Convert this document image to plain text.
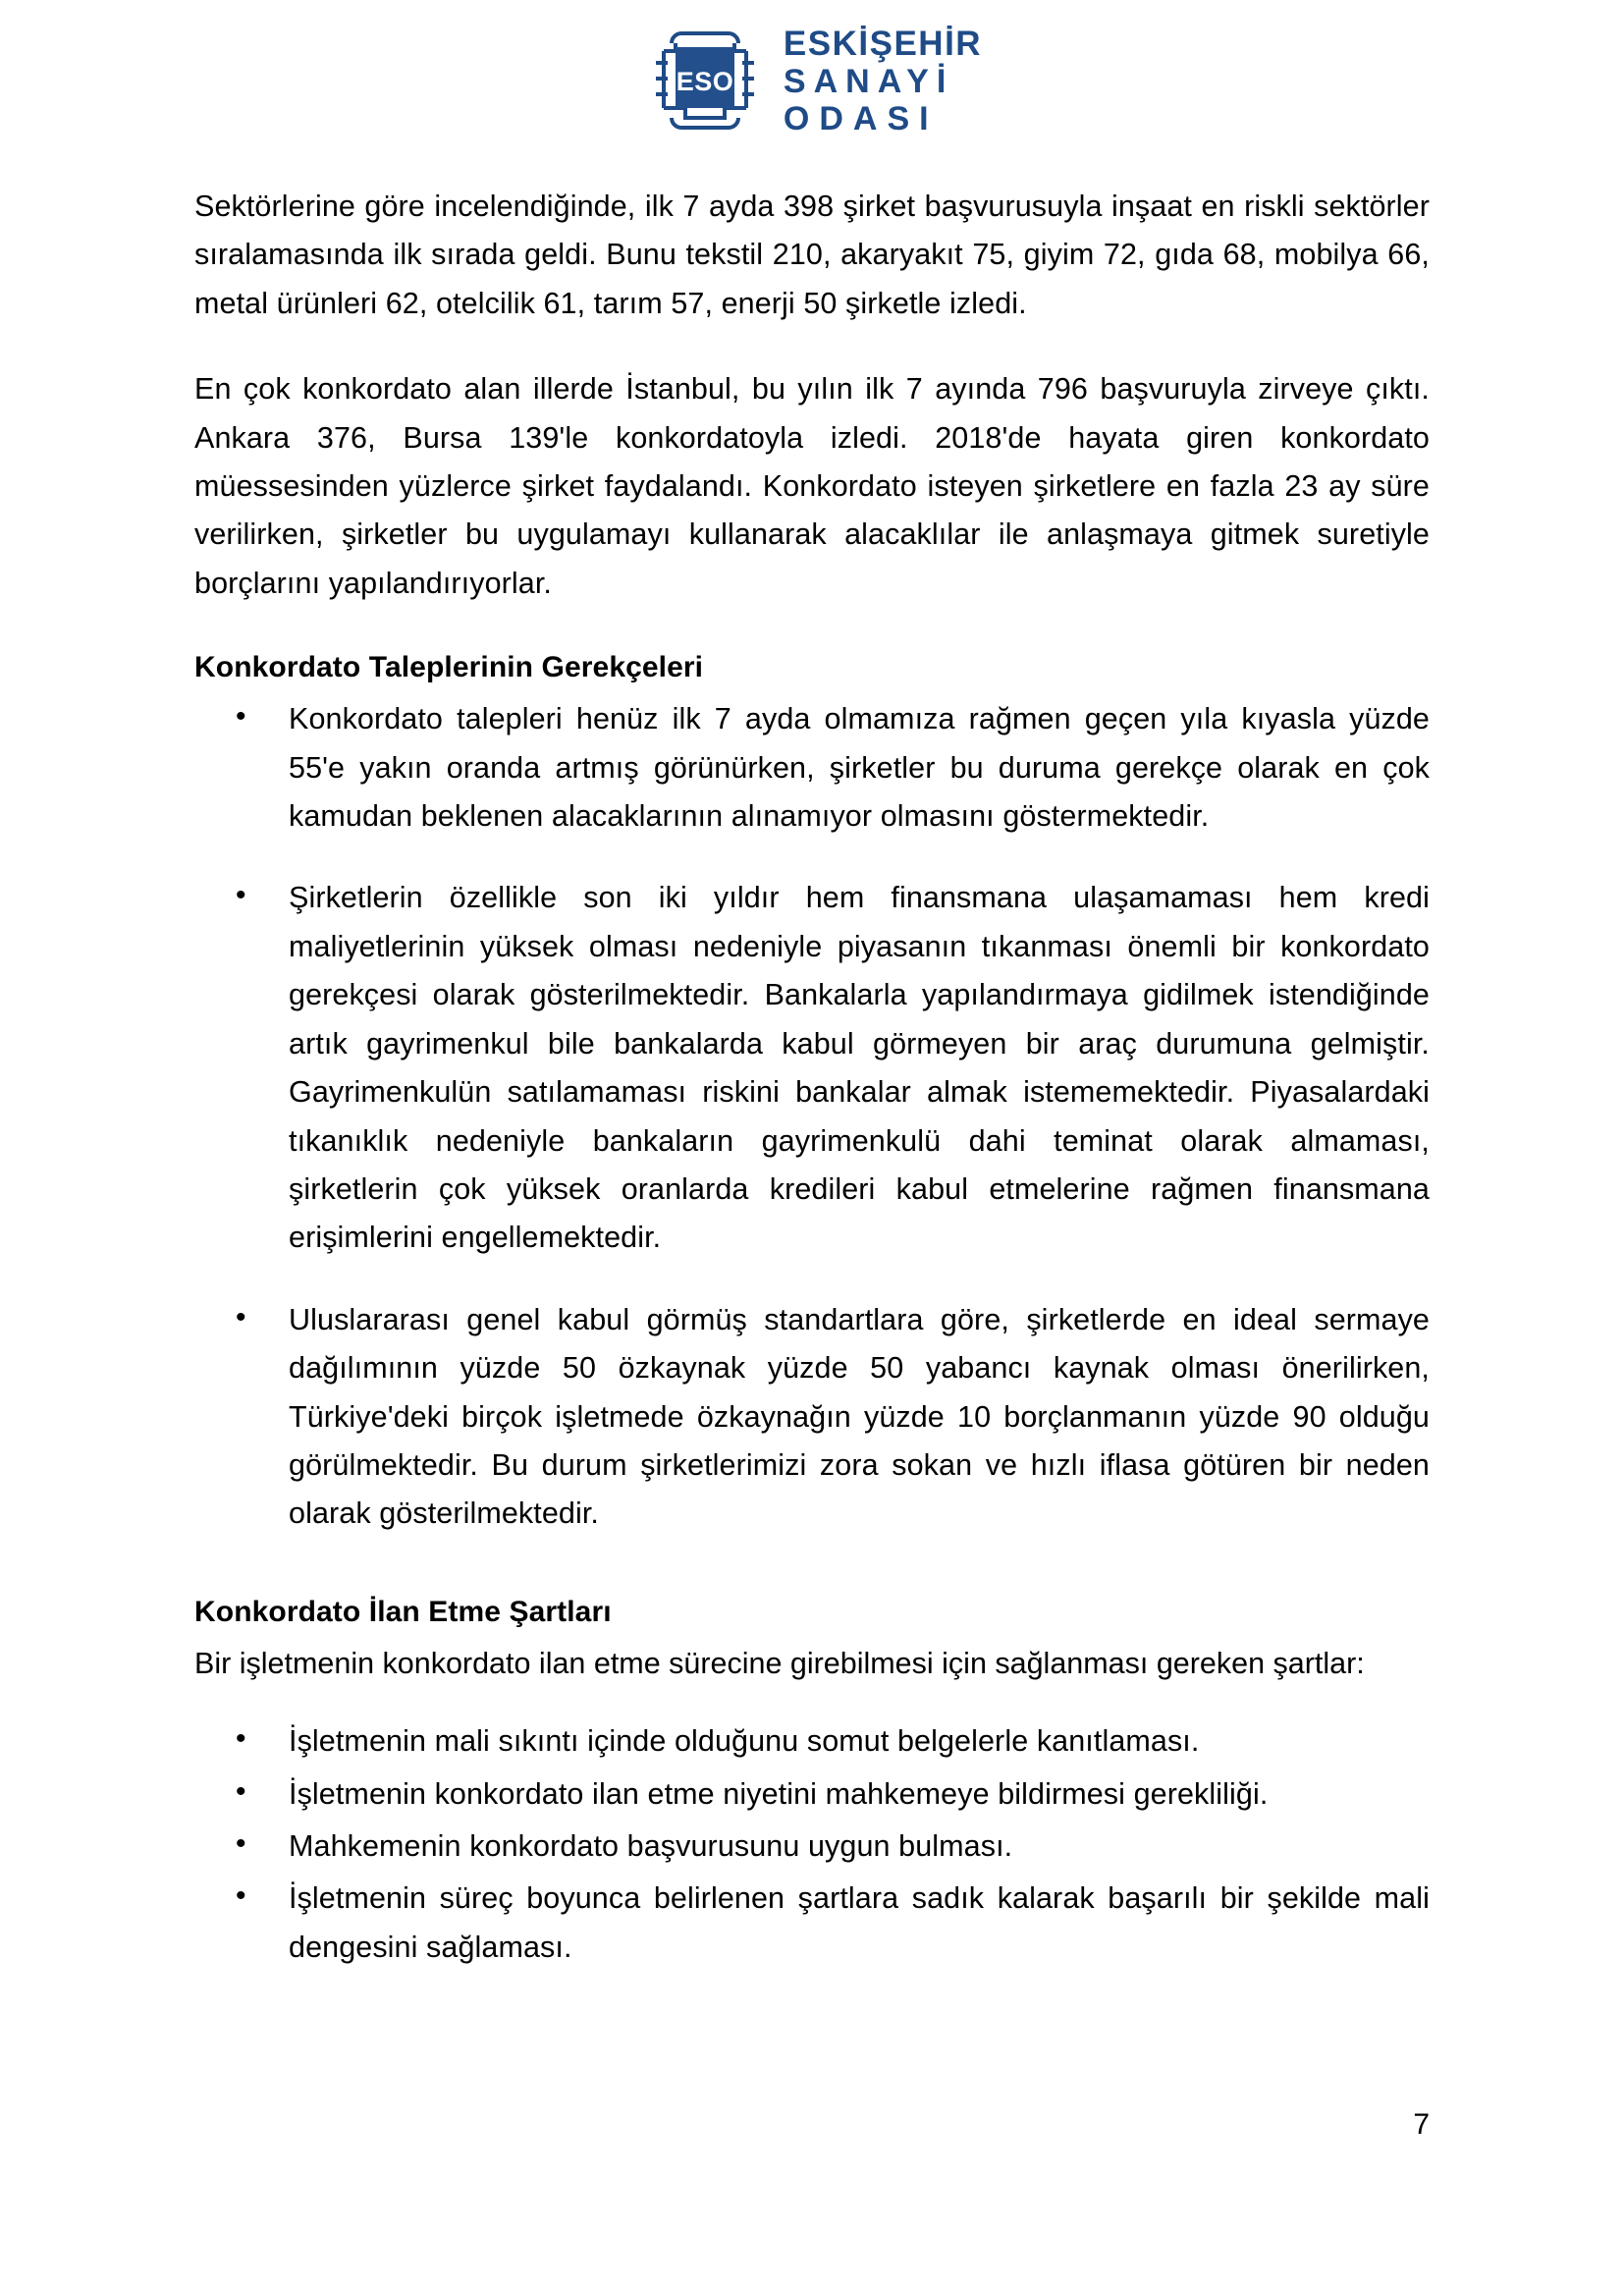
ESO
ESKİŞEHİR
SANAYİ
ODASI

Sektörlerine göre incelendiğinde, ilk 7 ayda 398 şirket başvurusuyla inşaat en riskli sektörler sıralamasında ilk sırada geldi. Bunu tekstil 210, akaryakıt 75, giyim 72, gıda 68, mobilya 66, metal ürünleri 62, otelcilik 61, tarım 57, enerji 50 şirketle izledi.

En çok konkordato alan illerde İstanbul, bu yılın ilk 7 ayında 796 başvuruyla zirveye çıktı. Ankara 376, Bursa 139'le konkordatoyla izledi. 2018'de hayata giren konkordato müessesinden yüzlerce şirket faydalandı. Konkordato isteyen şirketlere en fazla 23 ay süre verilirken, şirketler bu uygulamayı kullanarak alacaklılar ile anlaşmaya gitmek suretiyle borçlarını yapılandırıyorlar.

Konkordato Taleplerinin Gerekçeleri
• Konkordato talepleri henüz ilk 7 ayda olmamıza rağmen geçen yıla kıyasla yüzde 55'e yakın oranda artmış görünürken, şirketler bu duruma gerekçe olarak en çok kamudan beklenen alacaklarının alınamıyor olmasını göstermektedir.
• Şirketlerin özellikle son iki yıldır hem finansmana ulaşamaması hem kredi maliyetlerinin yüksek olması nedeniyle piyasanın tıkanması önemli bir konkordato gerekçesi olarak gösterilmektedir. Bankalarla yapılandırmaya gidilmek istendiğinde artık gayrimenkul bile bankalarda kabul görmeyen bir araç durumuna gelmiştir. Gayrimenkulün satılamaması riskini bankalar almak istememektedir. Piyasalardaki tıkanıklık nedeniyle bankaların gayrimenkulü dahi teminat olarak almaması, şirketlerin çok yüksek oranlarda kredileri kabul etmelerine rağmen finansmana erişimlerini engellemektedir.
• Uluslararası genel kabul görmüş standartlara göre, şirketlerde en ideal sermaye dağılımının yüzde 50 özkaynak yüzde 50 yabancı kaynak olması önerilirken, Türkiye'deki birçok işletmede özkaynağın yüzde 10 borçlanmanın yüzde 90 olduğu görülmektedir. Bu durum şirketlerimizi zora sokan ve hızlı iflasa götüren bir neden olarak gösterilmektedir.
Konkordato İlan Etme Şartları

Bir işletmenin konkordato ilan etme sürecine girebilmesi için sağlanması gereken şartlar:

• İşletmenin mali sıkıntı içinde olduğunu somut belgelerle kanıtlaması.
• İşletmenin konkordato ilan etme niyetini mahkemeye bildirmesi gerekliliği.
• Mahkemenin konkordato başvurusunu uygun bulması.
• İşletmenin süreç boyunca belirlenen şartlara sadık kalarak başarılı bir şekilde mali dengesini sağlaması.
7
